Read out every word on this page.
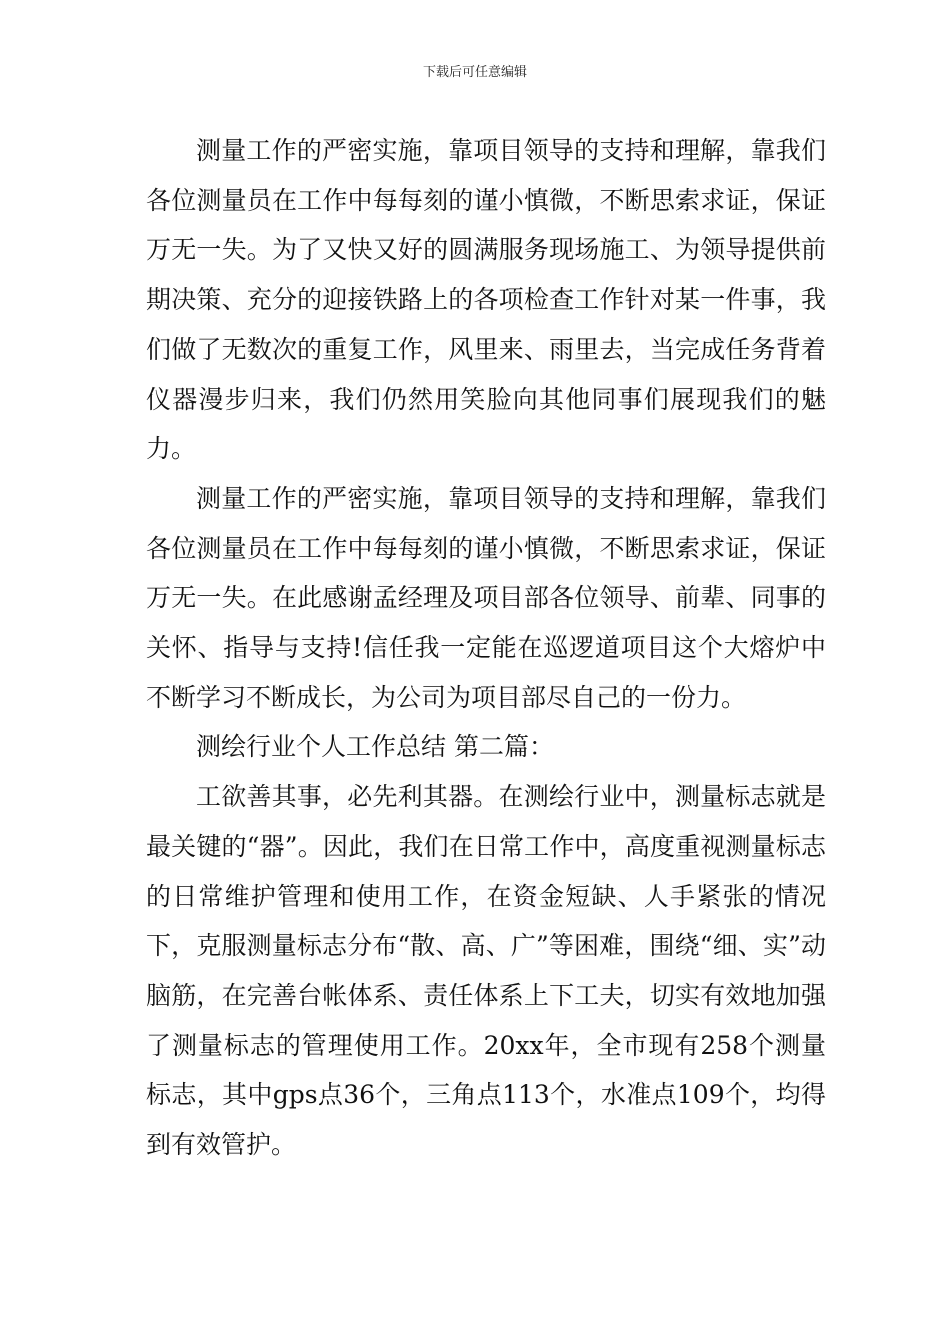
下载后可任意编辑

测量工作的严密实施，靠项目领导的支持和理解，靠我们各位测量员在工作中每每刻的谨小慎微，不断思索求证，保证万无一失。为了又快又好的圆满服务现场施工、为领导提供前期决策、充分的迎接铁路上的各项检查工作针对某一件事，我们做了无数次的重复工作，风里来、雨里去，当完成任务背着仪器漫步归来，我们仍然用笑脸向其他同事们展现我们的魅力。

测量工作的严密实施，靠项目领导的支持和理解，靠我们各位测量员在工作中每每刻的谨小慎微，不断思索求证，保证万无一失。在此感谢孟经理及项目部各位领导、前辈、同事的关怀、指导与支持!信任我一定能在巡逻道项目这个大熔炉中不断学习不断成长，为公司为项目部尽自己的一份力。

测绘行业个人工作总结 第二篇：

工欲善其事，必先利其器。在测绘行业中，测量标志就是最关键的“器”。因此，我们在日常工作中，高度重视测量标志的日常维护管理和使用工作，在资金短缺、人手紧张的情况下，克服测量标志分布“散、高、广”等困难，围绕“细、实”动脑筋，在完善台帐体系、责任体系上下工夫，切实有效地加强了测量标志的管理使用工作。20xx年，全市现有258个测量标志，其中gps点36个，三角点113个，水准点109个，均得到有效管护。
